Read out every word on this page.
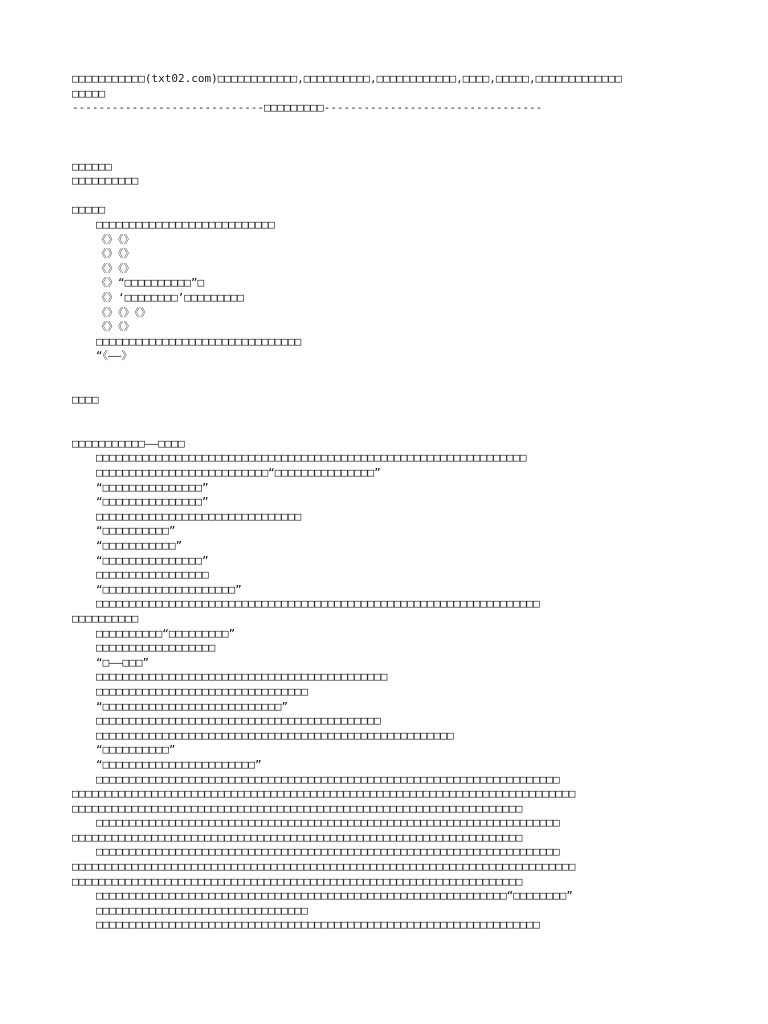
□□□□□□□□□□□(txt02.com)□□□□□□□□□□□□,□□□□□□□□□□,□□□□□□□□□□□□,□□□□,□□□□□,□□□□□□□□□□□□□
□□□□□
-----------------------------□□□□□□□□□---------------------------------
□□□□□□
□□□□□□□□□□
□□□□□
□□□□□□□□□□□□□□□□□□□□□□□□□□□
《》《》
《》《》
《》《》
《》“□□□□□□□□□□”□
《》‘□□□□□□□□’□□□□□□□□□
《》《》《》
《》《》
□□□□□□□□□□□□□□□□□□□□□□□□□□□□□□□
“《——》
□□□□
□□□□□□□□□□□——□□□□
□□□□□□□□□□□□□□□□□□□□□□□□□□□□□□□□□□□□□□□□□□□□□□□□□□□□□□□□□□□□□□□□□
□□□□□□□□□□□□□□□□□□□□□□□□□□“□□□□□□□□□□□□□□□”
“□□□□□□□□□□□□□□□”
“□□□□□□□□□□□□□□□”
□□□□□□□□□□□□□□□□□□□□□□□□□□□□□□□
“□□□□□□□□□□”
“□□□□□□□□□□□”
“□□□□□□□□□□□□□□□”
□□□□□□□□□□□□□□□□□
“□□□□□□□□□□□□□□□□□□□□”
□□□□□□□□□□□□□□□□□□□□□□□□□□□□□□□□□□□□□□□□□□□□□□□□□□□□□□□□□□□□□□□□□□□
□□□□□□□□□□
□□□□□□□□□□“□□□□□□□□□”
□□□□□□□□□□□□□□□□□□
“□——□□□”
□□□□□□□□□□□□□□□□□□□□□□□□□□□□□□□□□□□□□□□□□□□□
□□□□□□□□□□□□□□□□□□□□□□□□□□□□□□□□
“□□□□□□□□□□□□□□□□□□□□□□□□□□□”
□□□□□□□□□□□□□□□□□□□□□□□□□□□□□□□□□□□□□□□□□□□
□□□□□□□□□□□□□□□□□□□□□□□□□□□□□□□□□□□□□□□□□□□□□□□□□□□□□□
“□□□□□□□□□□”
“□□□□□□□□□□□□□□□□□□□□□□□”
□□□□□□□□□□□□□□□□□□□□□□□□□□□□□□□□□□□□□□□□□□□□□□□□□□□□□□□□□□□□□□□□□□□□□□
□□□□□□□□□□□□□□□□□□□□□□□□□□□□□□□□□□□□□□□□□□□□□□□□□□□□□□□□□□□□□□□□□□□□□□□□□□□□
□□□□□□□□□□□□□□□□□□□□□□□□□□□□□□□□□□□□□□□□□□□□□□□□□□□□□□□□□□□□□□□□□□□□
□□□□□□□□□□□□□□□□□□□□□□□□□□□□□□□□□□□□□□□□□□□□□□□□□□□□□□□□□□□□□□□□□□□□□□
□□□□□□□□□□□□□□□□□□□□□□□□□□□□□□□□□□□□□□□□□□□□□□□□□□□□□□□□□□□□□□□□□□□□
□□□□□□□□□□□□□□□□□□□□□□□□□□□□□□□□□□□□□□□□□□□□□□□□□□□□□□□□□□□□□□□□□□□□□□
□□□□□□□□□□□□□□□□□□□□□□□□□□□□□□□□□□□□□□□□□□□□□□□□□□□□□□□□□□□□□□□□□□□□□□□□□□□□
□□□□□□□□□□□□□□□□□□□□□□□□□□□□□□□□□□□□□□□□□□□□□□□□□□□□□□□□□□□□□□□□□□□□
□□□□□□□□□□□□□□□□□□□□□□□□□□□□□□□□□□□□□□□□□□□□□□□□□□□□□□□□□□□□□□“□□□□□□□□”
□□□□□□□□□□□□□□□□□□□□□□□□□□□□□□□□
□□□□□□□□□□□□□□□□□□□□□□□□□□□□□□□□□□□□□□□□□□□□□□□□□□□□□□□□□□□□□□□□□□□
